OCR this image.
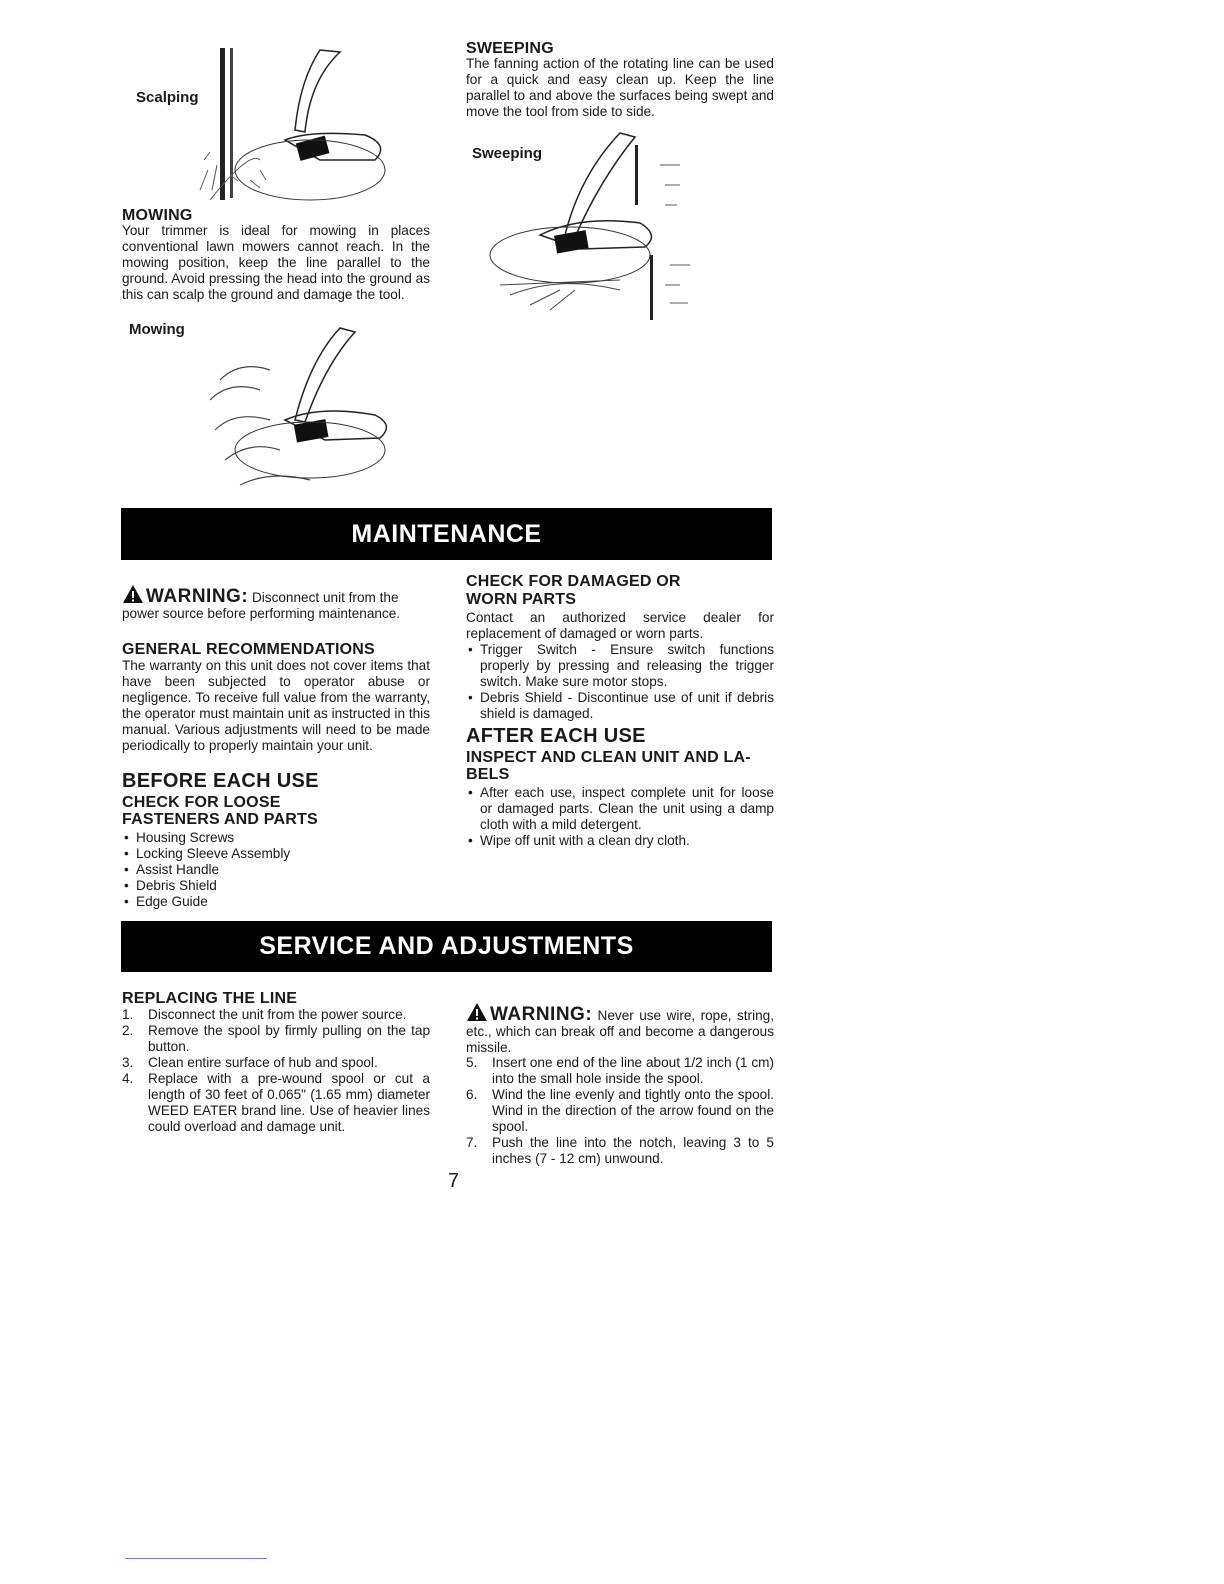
Scalping
MOWING
Your trimmer is ideal for mowing in places conventional lawn mowers cannot reach. In the mowing position, keep the line parallel to the ground. Avoid pressing the head into the ground as this can scalp the ground and damage the tool.
Mowing
SWEEPING
The fanning action of the rotating line can be used for a quick and easy clean up. Keep the line parallel to and above the surfaces being swept and move the tool from side to side.
Sweeping
MAINTENANCE
WARNING: Disconnect unit from the power source before performing maintenance.
GENERAL RECOMMENDATIONS
The warranty on this unit does not cover items that have been subjected to operator abuse or negligence. To receive full value from the warranty, the operator must maintain unit as instructed in this manual. Various adjustments will need to be made periodically to properly maintain your unit.
BEFORE EACH USE
CHECK FOR LOOSE
FASTENERS AND PARTS
• Housing Screws
• Locking Sleeve Assembly
• Assist Handle
• Debris Shield
• Edge Guide
CHECK FOR DAMAGED OR
WORN PARTS
Contact an authorized service dealer for replacement of damaged or worn parts.
• Trigger Switch - Ensure switch functions properly by pressing and releasing the trigger switch. Make sure motor stops.
• Debris Shield - Discontinue use of unit if debris shield is damaged.
AFTER EACH USE
INSPECT AND CLEAN UNIT AND LA-
BELS
• After each use, inspect complete unit for loose or damaged parts. Clean the unit using a damp cloth with a mild detergent.
• Wipe off unit with a clean dry cloth.
SERVICE AND ADJUSTMENTS
REPLACING THE LINE
1. Disconnect the unit from the power source.
2. Remove the spool by firmly pulling on the tap button.
3. Clean entire surface of hub and spool.
4. Replace with a pre-wound spool or cut a length of 30 feet of 0.065" (1.65 mm) diameter WEED EATER brand line. Use of heavier lines could overload and damage unit.
WARNING: Never use wire, rope, string, etc., which can break off and become a dangerous missile.
5. Insert one end of the line about 1/2 inch (1 cm) into the small hole inside the spool.
6. Wind the line evenly and tightly onto the spool. Wind in the direction of the arrow found on the spool.
7. Push the line into the notch, leaving 3 to 5 inches (7 - 12 cm) unwound.
7
